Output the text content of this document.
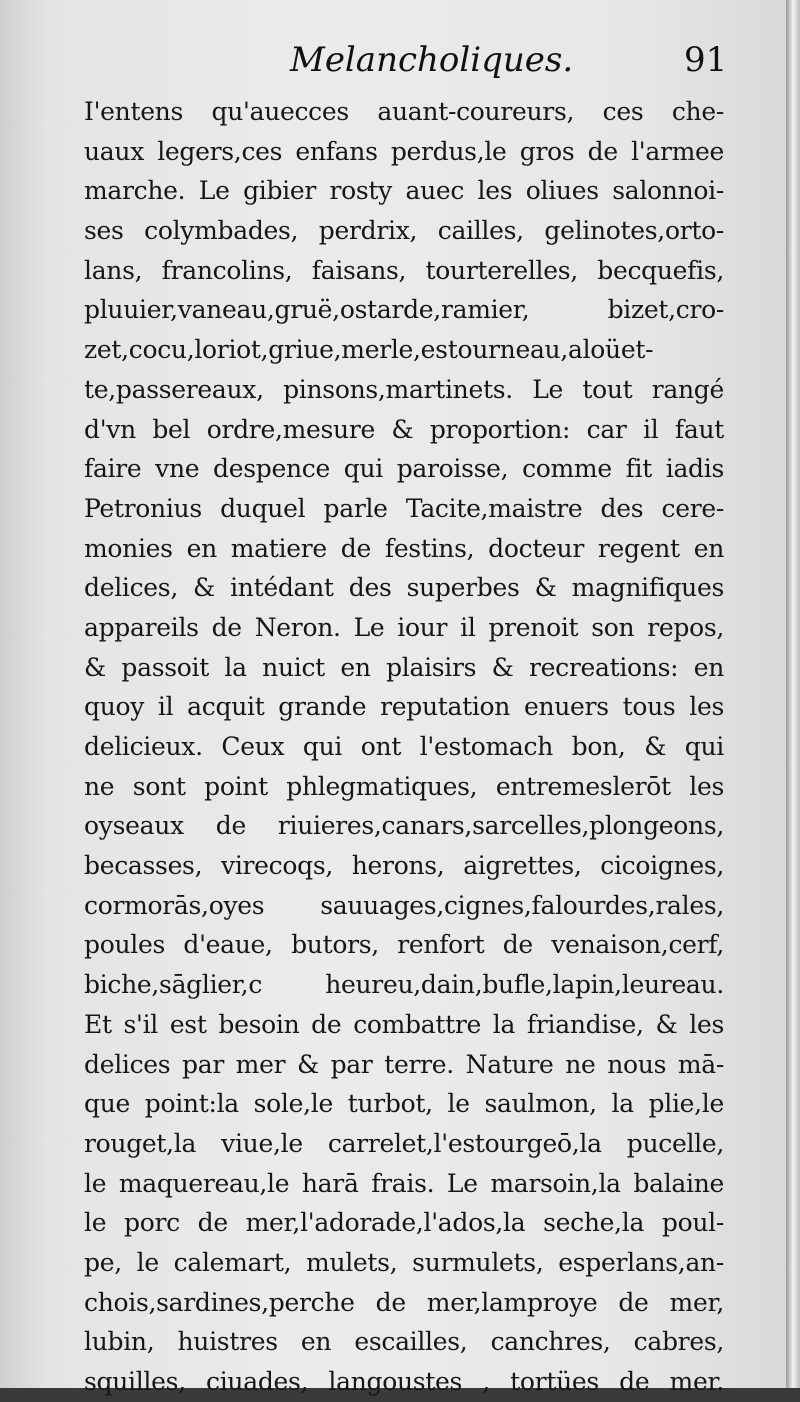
Melancholiques.	91
I'entens qu'auecces auant-coureurs, ces che-
uaux legers,ces enfans perdus,le gros de l'armee
marche. Le gibier rosty auec les oliues salonnoi-
ses colymbades, perdrix, cailles, gelinotes,orto-
lans, francolins, faisans, tourterelles, becquefis,
pluuier,vaneau,gruë,ostarde,ramier, bizet,cro-
zet,cocu,loriot,griue,merle,estourneau,aloüet-
te,passereaux, pinsons,martinets. Le tout rangé
d'vn bel ordre,mesure & proportion: car il faut
faire vne despence qui paroisse, comme fit iadis
Petronius duquel parle Tacite,maistre des cere-
monies en matiere de festins, docteur regent en
delices, & intédant des superbes & magnifiques
appareils de Neron. Le iour il prenoit son repos,
& passoit la nuict en plaisirs & recreations: en
quoy il acquit grande reputation enuers tous les
delicieux. Ceux qui ont l'estomach bon, & qui
ne sont point phlegmatiques, entremeslerōt les
oyseaux de riuieres,canars,sarcelles,plongeons,
becasses, virecoqs, herons, aigrettes, cicoignes,
cormorās,oyes sauuages,cignes,falourdes,rales,
poules d'eaue, butors, renfort de venaison,cerf,
biche,sāglier,c heureu,dain,bufle,lapin,leureau.
Et s'il est besoin de combattre la friandise, & les
delices par mer & par terre. Nature ne nous mā-
que point:la sole,le turbot, le saulmon, la plie,le
rouget,la viue,le carrelet,l'estourgeō,la pucelle,
le maquereau,le harā frais. Le marsoin,la balaine
le porc de mer,l'adorade,l'ados,la seche,la poul-
pe, le calemart, mulets, surmulets, esperlans,an-
chois,sardines,perche de mer,lamproye de mer,
lubin, huistres en escailles, canchres, cabres,
squilles, ciuades, langoustes , tortües de mer.
